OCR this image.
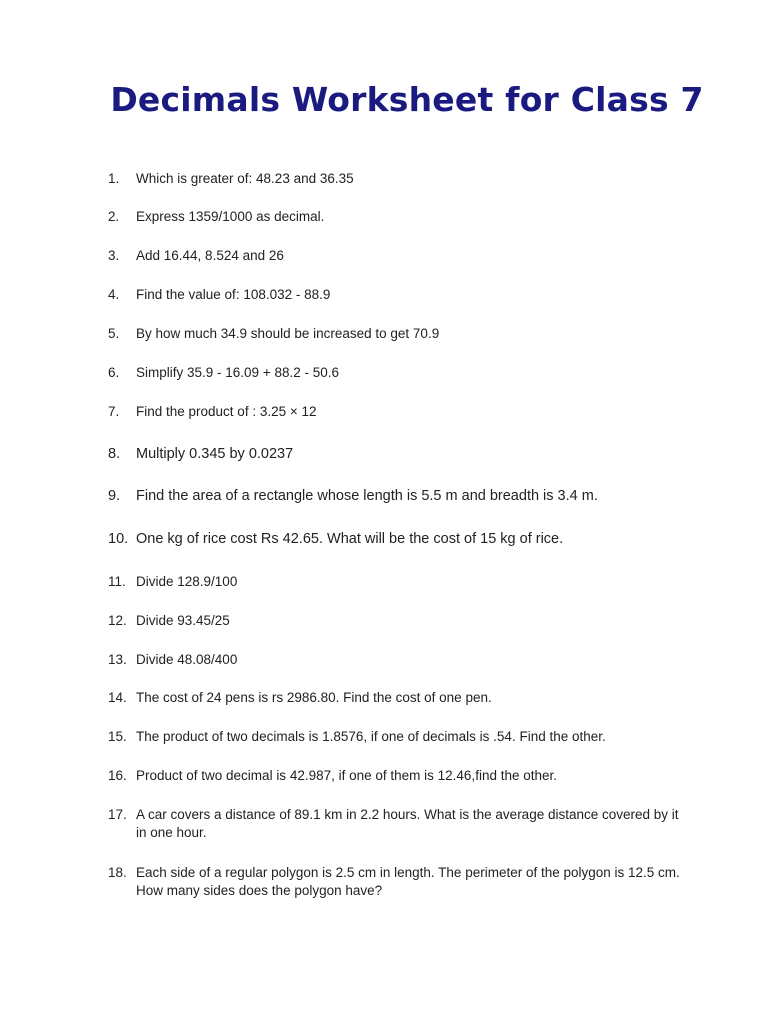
Decimals Worksheet for Class 7
1. Which is greater of: 48.23 and 36.35
2. Express 1359/1000 as decimal.
3. Add 16.44, 8.524 and 26
4. Find the value of: 108.032 - 88.9
5. By how much 34.9 should be increased to get 70.9
6. Simplify 35.9 - 16.09 + 88.2 - 50.6
7. Find the product of : 3.25 × 12
8. Multiply 0.345 by 0.0237
9. Find the area of a rectangle whose length is 5.5 m and breadth is 3.4 m.
10. One kg of rice cost Rs 42.65. What will be the cost of 15 kg of rice.
11. Divide 128.9/100
12. Divide 93.45/25
13. Divide 48.08/400
14. The cost of 24 pens is rs 2986.80. Find the cost of one pen.
15. The product of two decimals is 1.8576, if one of decimals is .54. Find the other.
16. Product of two decimal is 42.987, if one of them is 12.46,find the other.
17. A car covers a distance of 89.1 km in 2.2 hours. What is the average distance covered by it in one hour.
18. Each side of a regular polygon is 2.5 cm in length. The perimeter of the polygon is 12.5 cm. How many sides does the polygon have?
